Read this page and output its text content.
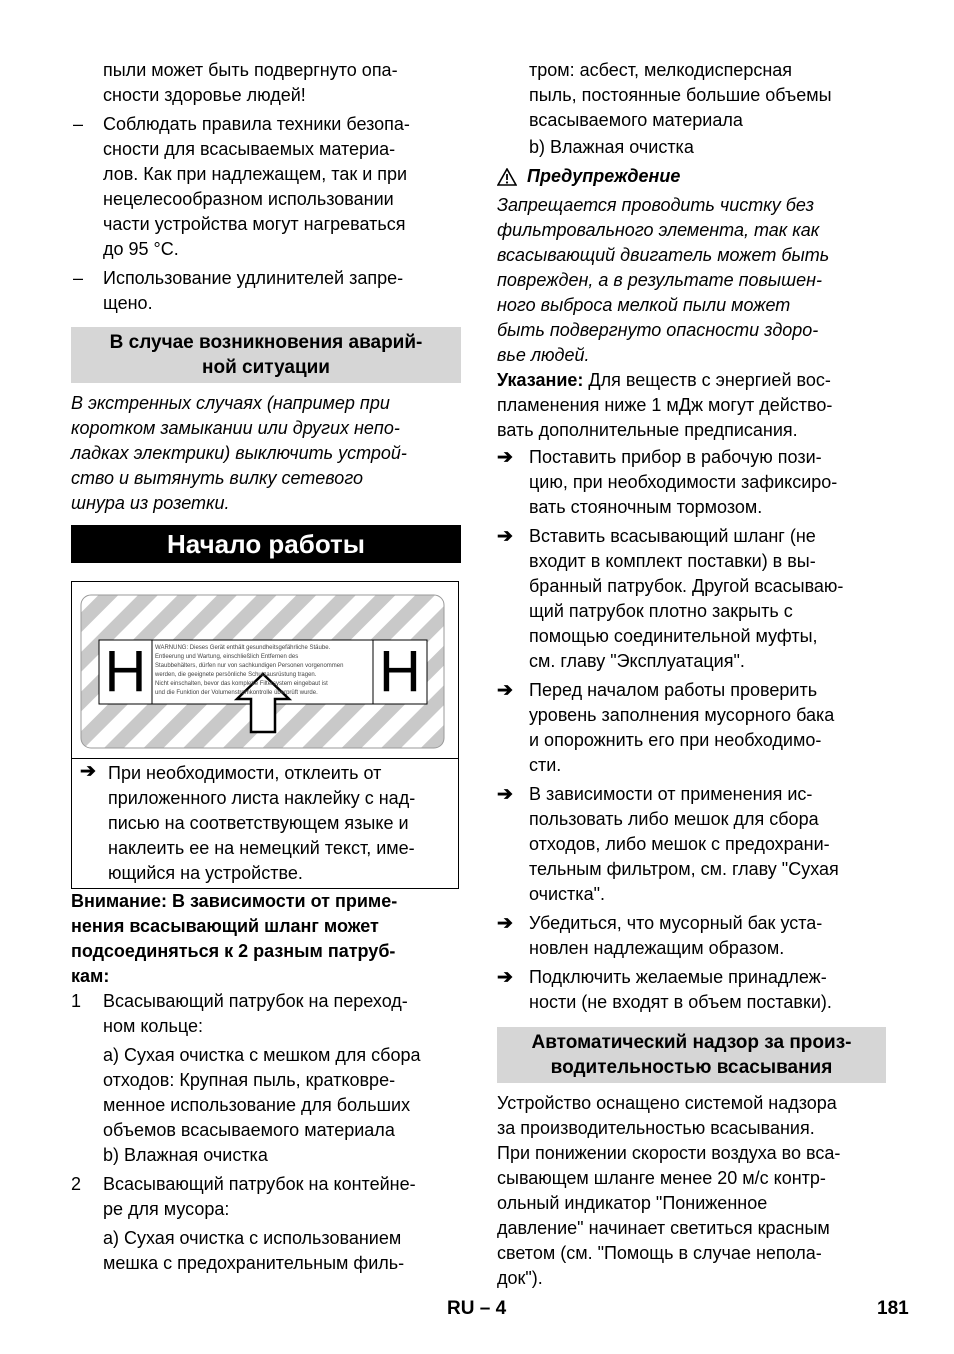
пыли может быть подвергнуто опа-

сности здоровье людей!

– Соблюдать правила техники безопа-

сности для всасываемых материа-

лов. Как при надлежащем, так и при

нецелесообразном использовании

части устройства могут нагреваться

до 95 °C.

– Использование удлинителей запре-

щено.

В случае возникновения аварий-

ной ситуации

В экстренных случаях (например при

коротком замыкании или других непо-

ладках электрики) выключить устрой-

ство и вытянуть вилку сетевого

шнура из розетки.

Начало работы
H	H

WARNUNG: Dieses Gerät enthält gesundheitsgefährliche Stäube.

Entleerung und Wartung, einschließlich Entfernen des

Staubbehälters, dürfen nur von sachkundigen Personen vorgenommen

werden, die geeignete persönliche Schutzausrüstung tragen.

Nicht einschalten, bevor das komplette Filtersystem eingebaut ist

und die Funktion der Volumenstromkontrolle überprüft wurde.

➔ При необходимости, отклеить от

приложенного листа наклейку с над-

писью на соответствующем языке и

наклеить ее на немецкий текст, име-

ющийся на устройстве.

Внимание: В зависимости от приме-

нения всасывающий шланг может

подсоединяться к 2 разным патруб-

кам:

1 Всасывающий патрубок на переход-

ном кольце:

а) Сухая очистка с мешком для сбора

отходов: Крупная пыль, кратковре-

менное использование для больших

объемов всасываемого материала

b) Влажная очистка

2 Всасывающий патрубок на контейне-

ре для мусора:

а) Сухая очистка с использованием

мешка с предохранительным филь-

тром: асбест, мелкодисперсная

пыль, постоянные большие объемы

всасываемого материала

b) Влажная очистка

Предупреждение

Запрещается проводить чистку без

фильтровального элемента, так как

всасывающий двигатель может быть

поврежден, а в результате повышен-

ного выброса мелкой пыли может

быть подвергнуто опасности здоро-

вье людей.

Указание: Для веществ с энергией вос-

пламенения ниже 1 мДж могут действо-

вать дополнительные предписания.

➔ Поставить прибор в рабочую пози-

цию, при необходимости зафиксиро-

вать стояночным тормозом.

➔ Вставить всасывающий шланг (не

входит в комплект поставки) в вы-

бранный патрубок. Другой всасываю-

щий патрубок плотно закрыть с

помощью соединительной муфты,

см. главу "Эксплуатация".

➔ Перед началом работы проверить

уровень заполнения мусорного бака

и опорожнить его при необходимо-

сти.

➔ В зависимости от применения ис-

пользовать либо мешок для сбора

отходов, либо мешок с предохрани-

тельным фильтром, см. главу "Сухая

очистка".

➔ Убедиться, что мусорный бак уста-

новлен надлежащим образом.

➔ Подключить желаемые принадлеж-

ности (не входят в объем поставки).

Автоматический надзор за произ-

водительностью всасывания

Устройство оснащено системой надзора

за производительностью всасывания.

При понижении скорости воздуха во вса-

сывающем шланге менее 20 м/с контр-

ольный индикатор "Пониженное

давление" начинает светиться красным

светом (см. "Помощь в случае непола-

док").

RU – 4	181
